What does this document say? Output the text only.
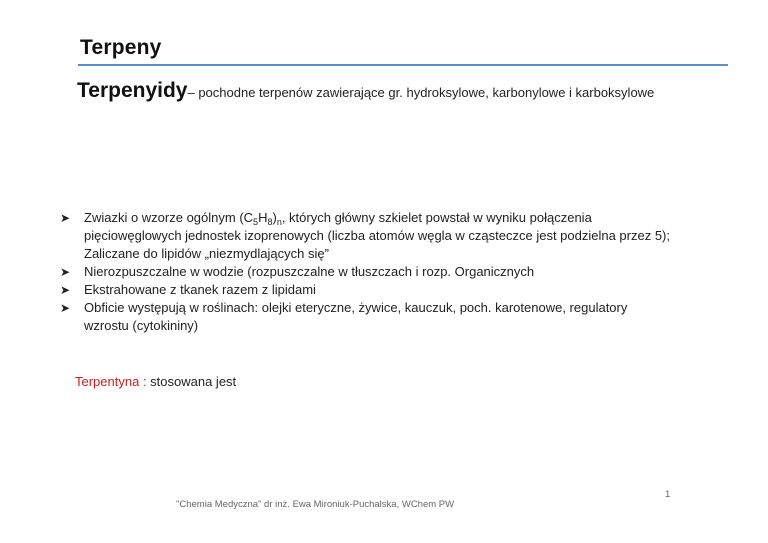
Terpeny
Terpenyidy– pochodne terpenów zawierające gr. hydroksylowe, karbonylowe i karboksylowe
➤	Zwiazki o wzorze ogólnym $(C_5H_8)_n$, których główny szkielet powstał w wyniku połączenia
pięciowęglowych jednostek izoprenowych (liczba atomów węgla w cząsteczce jest podzielna przez 5);
Zaliczane do lipidów „niezmydlających się”
➤	Nierozpuszczalne w wodzie (rozpuszczalne w tłuszczach i rozp. Organicznych
➤	Ekstrahowane z tkanek razem z lipidami
➤	Obficie występują w roślinach: olejki eteryczne, żywice, kauczuk, poch. karotenowe, regulatory
wzrostu (cytokininy)
Terpentyna : stosowana jest
"Chemia Medyczna" dr inż. Ewa Mironiuk-Puchalska, WChem PW
1
